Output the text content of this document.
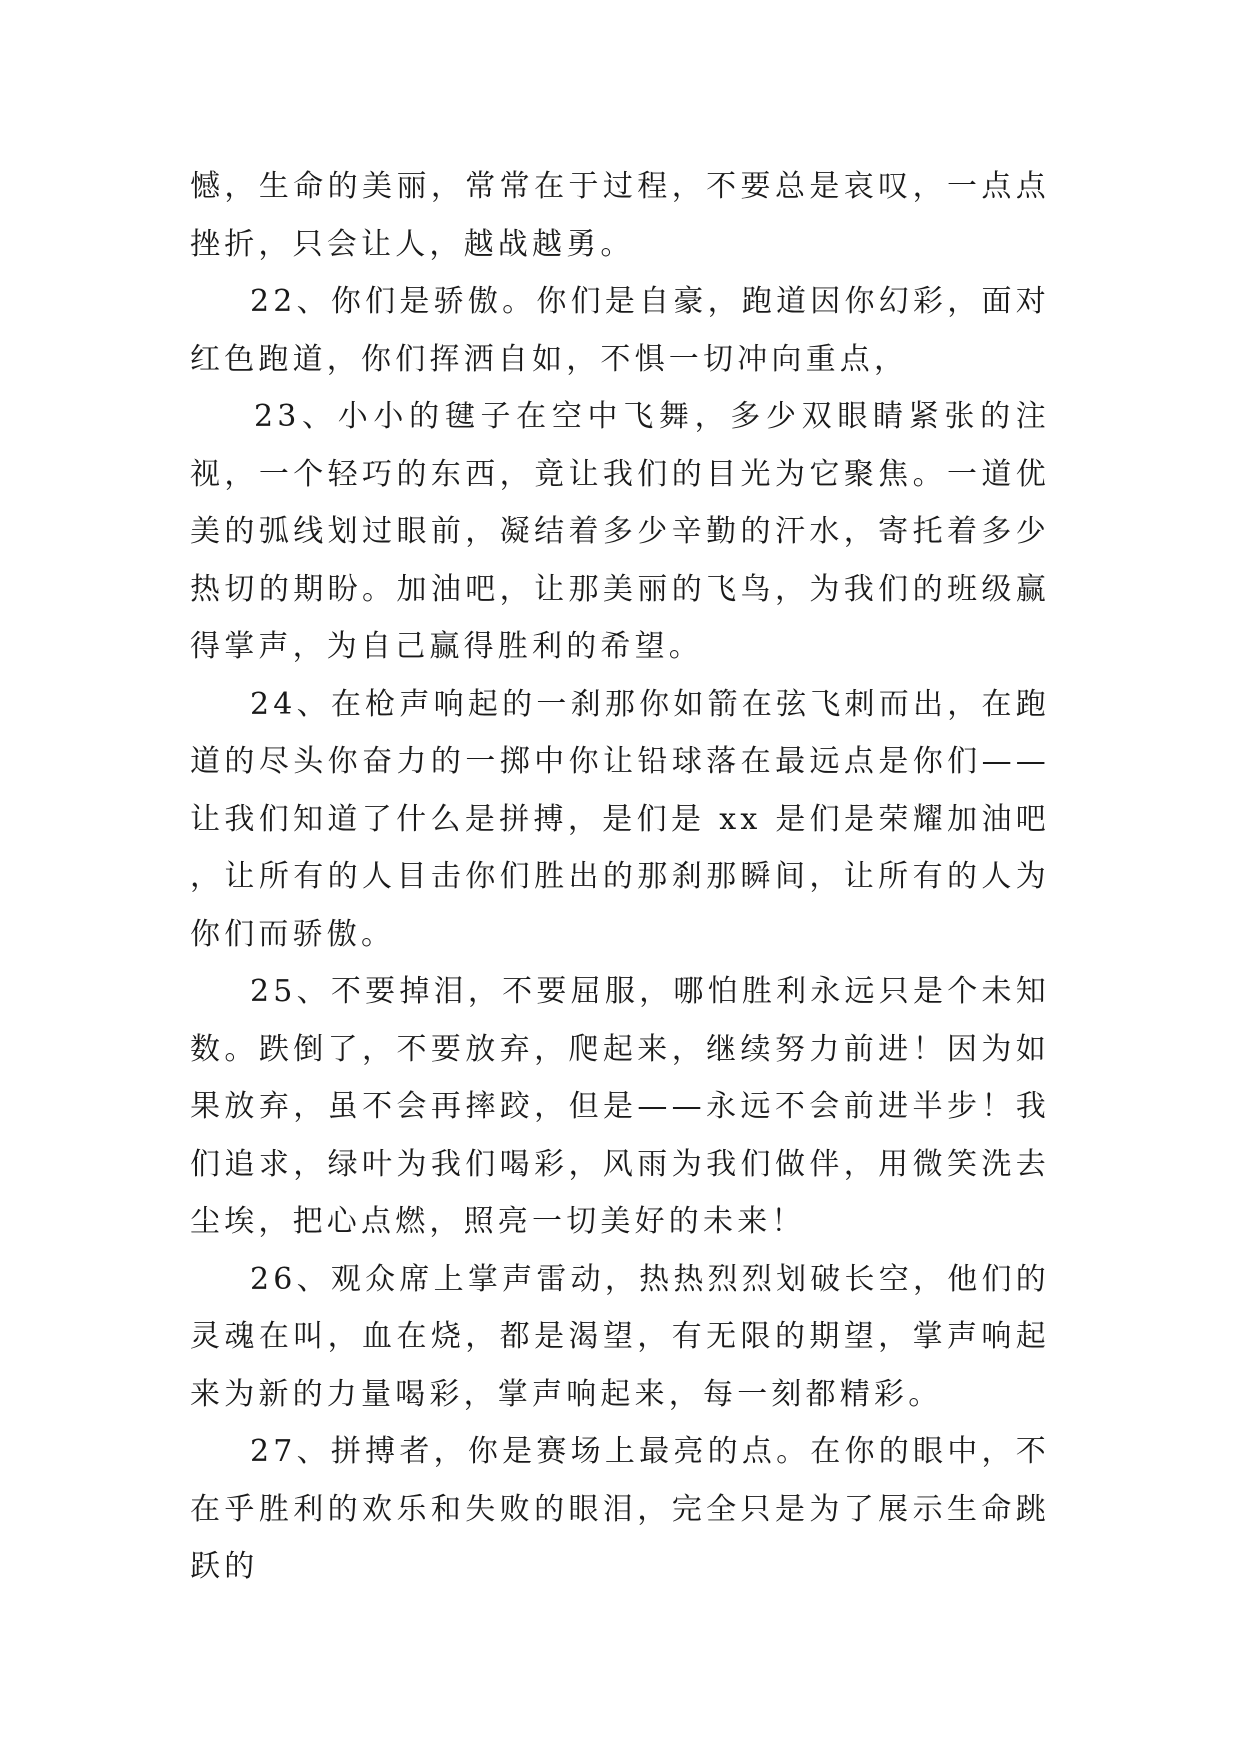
憾，生命的美丽，常常在于过程，不要总是哀叹，一点点挫折，只会让人，越战越勇。

22、你们是骄傲。你们是自豪，跑道因你幻彩，面对红色跑道，你们挥洒自如，不惧一切冲向重点，

23、小小的毽子在空中飞舞，多少双眼睛紧张的注视，一个轻巧的东西，竟让我们的目光为它聚焦。一道优美的弧线划过眼前，凝结着多少辛勤的汗水，寄托着多少热切的期盼。加油吧，让那美丽的飞鸟，为我们的班级赢得掌声，为自己赢得胜利的希望。

24、在枪声响起的一刹那你如箭在弦飞刺而出，在跑道的尽头你奋力的一掷中你让铅球落在最远点是你们——让我们知道了什么是拼搏，是们是 xx 是们是荣耀加油吧，让所有的人目击你们胜出的那刹那瞬间，让所有的人为你们而骄傲。

25、不要掉泪，不要屈服，哪怕胜利永远只是个未知数。跌倒了，不要放弃，爬起来，继续努力前进！因为如果放弃，虽不会再摔跤，但是——永远不会前进半步！我们追求，绿叶为我们喝彩，风雨为我们做伴，用微笑洗去尘埃，把心点燃，照亮一切美好的未来！

26、观众席上掌声雷动，热热烈烈划破长空，他们的灵魂在叫，血在烧，都是渴望，有无限的期望，掌声响起来为新的力量喝彩，掌声响起来，每一刻都精彩。

27、拼搏者，你是赛场上最亮的点。在你的眼中，不在乎胜利的欢乐和失败的眼泪，完全只是为了展示生命跳跃的
